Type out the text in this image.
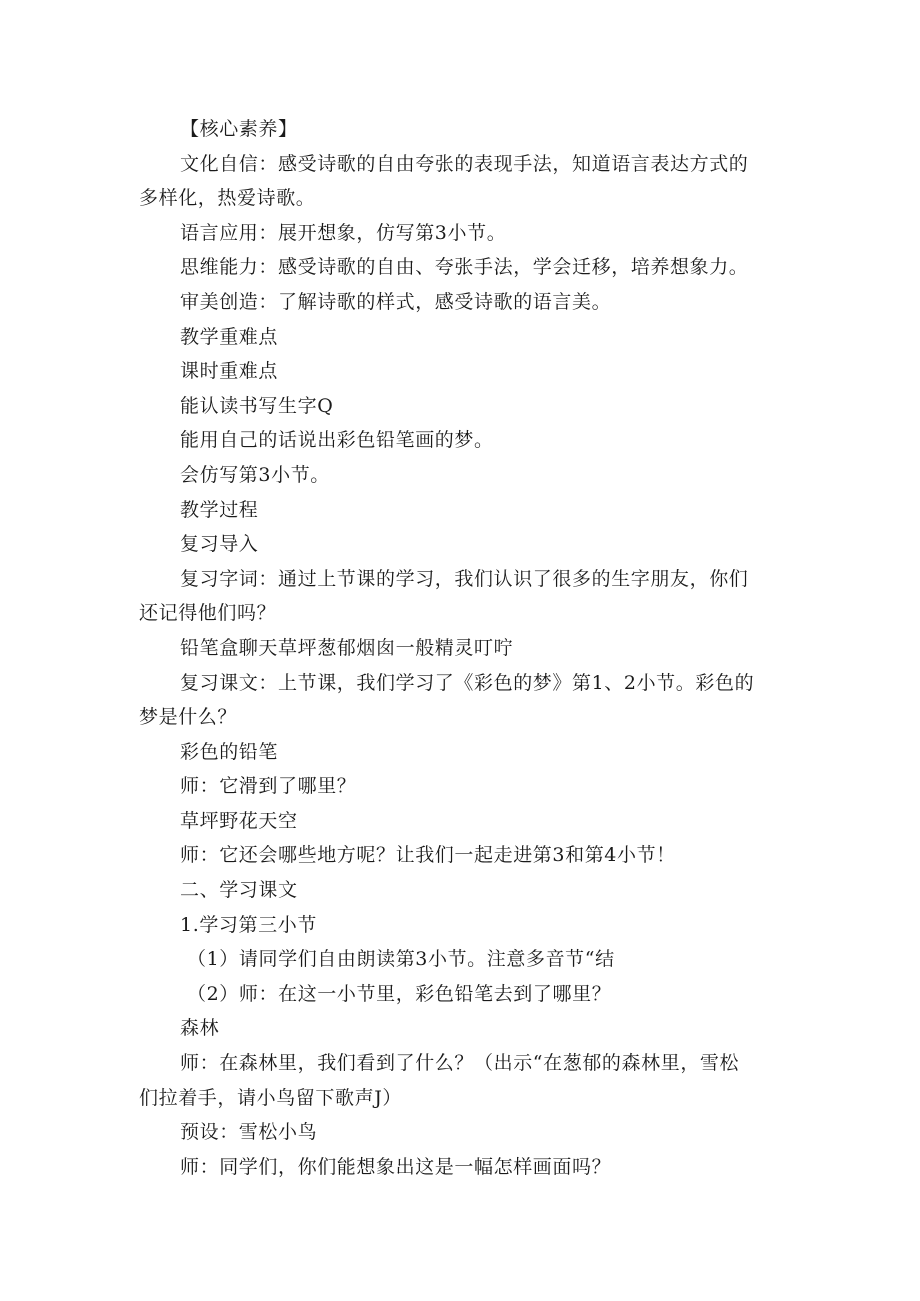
【核心素养】
文化自信：感受诗歌的自由夸张的表现手法，知道语言表达方式的
多样化，热爱诗歌。
语言应用：展开想象，仿写第3小节。
思维能力：感受诗歌的自由、夸张手法，学会迁移，培养想象力。
审美创造：了解诗歌的样式，感受诗歌的语言美。
教学重难点
课时重难点
能认读书写生字Q
能用自己的话说出彩色铅笔画的梦。
会仿写第3小节。
教学过程
复习导入
复习字词：通过上节课的学习，我们认识了很多的生字朋友，你们
还记得他们吗？
铅笔盒聊天草坪葱郁烟囱一般精灵叮咛
复习课文：上节课，我们学习了《彩色的梦》第1、2小节。彩色的
梦是什么？
彩色的铅笔
师：它滑到了哪里？
草坪野花天空
师：它还会哪些地方呢？让我们一起走进第3和第4小节！
二、学习课文
1.学习第三小节
（1）请同学们自由朗读第3小节。注意多音节“结
（2）师：在这一小节里，彩色铅笔去到了哪里？
森林
师：在森林里，我们看到了什么？（出示“在葱郁的森林里，雪松
们拉着手，请小鸟留下歌声J）
预设：雪松小鸟
师：同学们，你们能想象出这是一幅怎样画面吗？
